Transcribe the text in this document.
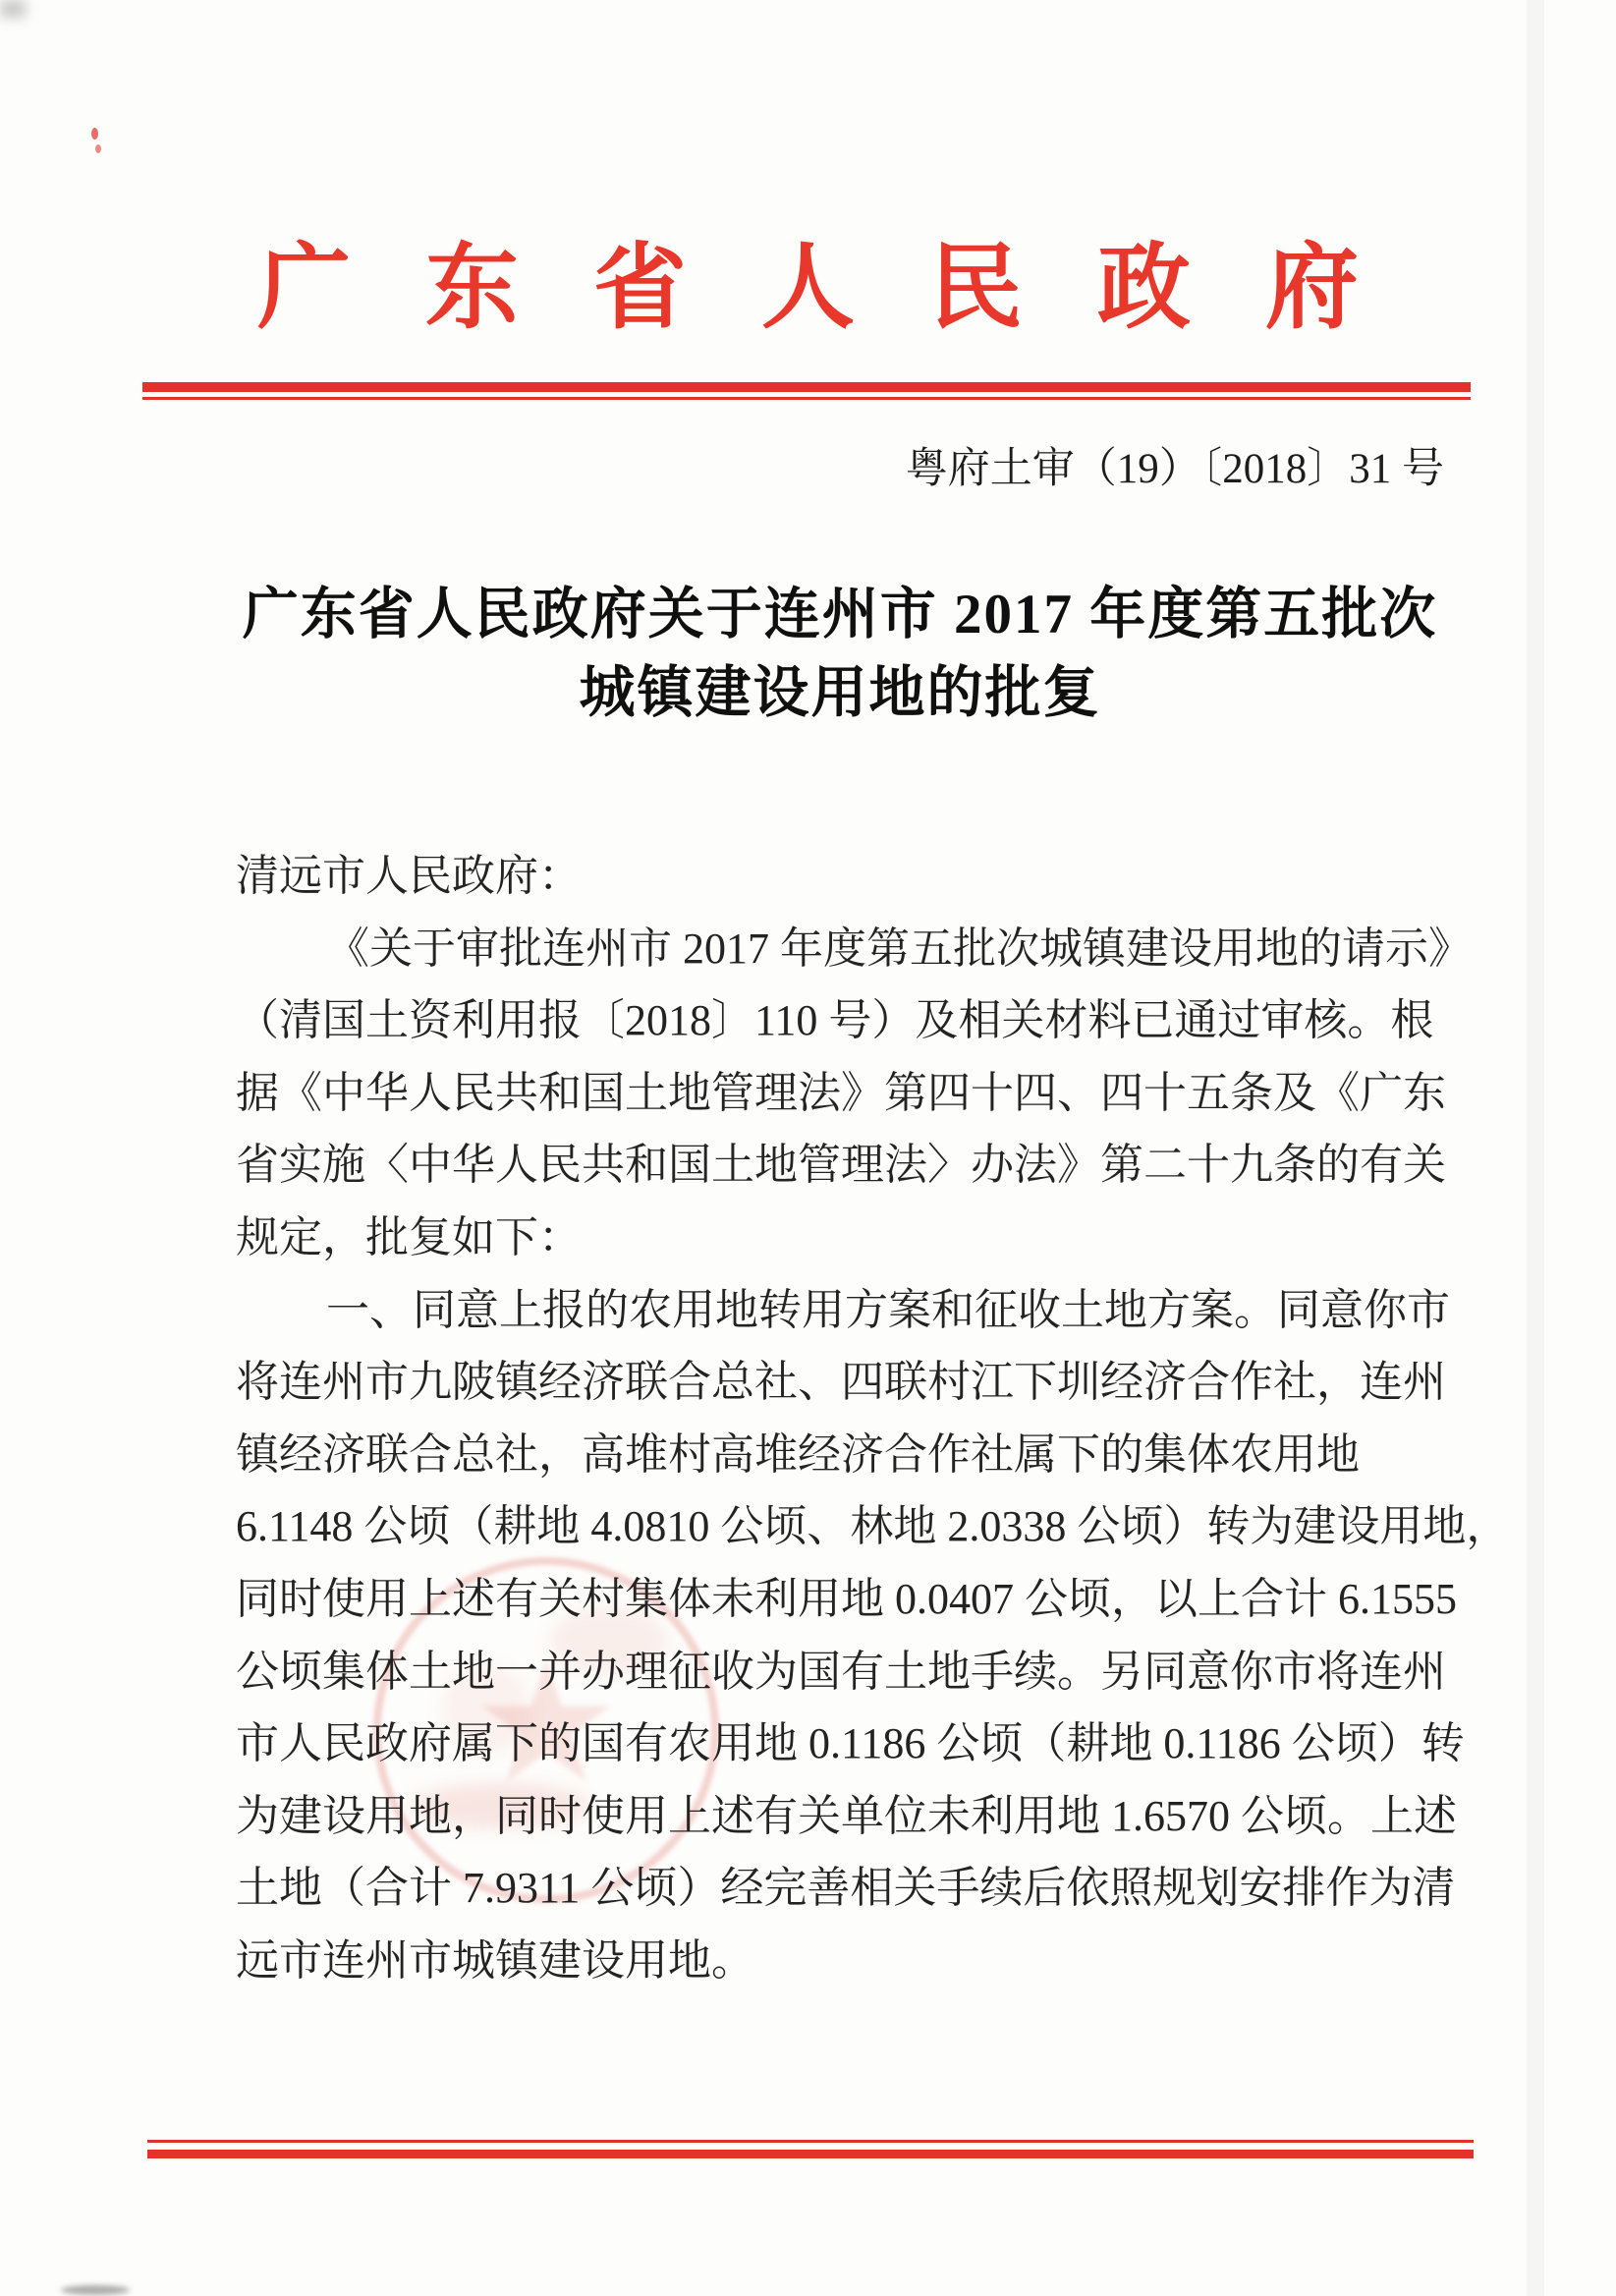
广东省人民政府
粤府土审（19）〔2018〕31 号
广东省人民政府关于连州市 2017 年度第五批次
城镇建设用地的批复
★
清远市人民政府：
《关于审批连州市 2017 年度第五批次城镇建设用地的请示》
（清国土资利用报〔2018〕110 号）及相关材料已通过审核。根
据《中华人民共和国土地管理法》第四十四、四十五条及《广东
省实施〈中华人民共和国土地管理法〉办法》第二十九条的有关
规定，批复如下：
一、同意上报的农用地转用方案和征收土地方案。同意你市
将连州市九陂镇经济联合总社、四联村江下圳经济合作社，连州
镇经济联合总社，高堆村高堆经济合作社属下的集体农用地
6.1148 公顷（耕地 4.0810 公顷、林地 2.0338 公顷）转为建设用地，
同时使用上述有关村集体未利用地 0.0407 公顷，以上合计 6.1555
公顷集体土地一并办理征收为国有土地手续。另同意你市将连州
市人民政府属下的国有农用地 0.1186 公顷（耕地 0.1186 公顷）转
为建设用地，同时使用上述有关单位未利用地 1.6570 公顷。上述
土地（合计 7.9311 公顷）经完善相关手续后依照规划安排作为清
远市连州市城镇建设用地。
